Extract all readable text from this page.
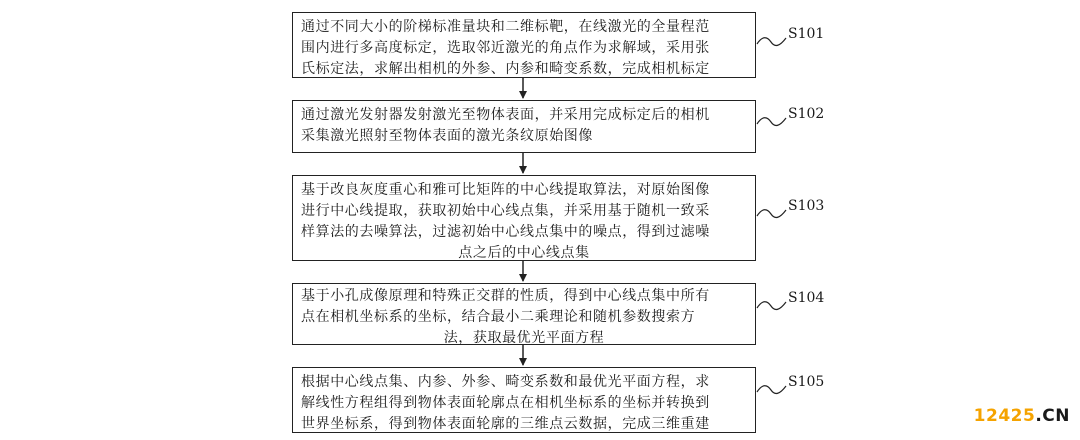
通过不同大小的阶梯标准量块和二维标靶，在线激光的全量程范
围内进行多高度标定，选取邻近激光的角点作为求解域，采用张
氏标定法，求解出相机的外参、内参和畸变系数，完成相机标定
S101
通过激光发射器发射激光至物体表面，并采用完成标定后的相机
采集激光照射至物体表面的激光条纹原始图像
S102
基于改良灰度重心和雅可比矩阵的中心线提取算法，对原始图像
进行中心线提取，获取初始中心线点集，并采用基于随机一致采
样算法的去噪算法，过滤初始中心线点集中的噪点，得到过滤噪
点之后的中心线点集
S103
基于小孔成像原理和特殊正交群的性质，得到中心线点集中所有
点在相机坐标系的坐标，结合最小二乘理论和随机参数搜索方
法，获取最优光平面方程
S104
根据中心线点集、内参、外参、畸变系数和最优光平面方程，求
解线性方程组得到物体表面轮廓点在相机坐标系的坐标并转换到
世界坐标系，得到物体表面轮廓的三维点云数据，完成三维重建
S105
12425.CN
